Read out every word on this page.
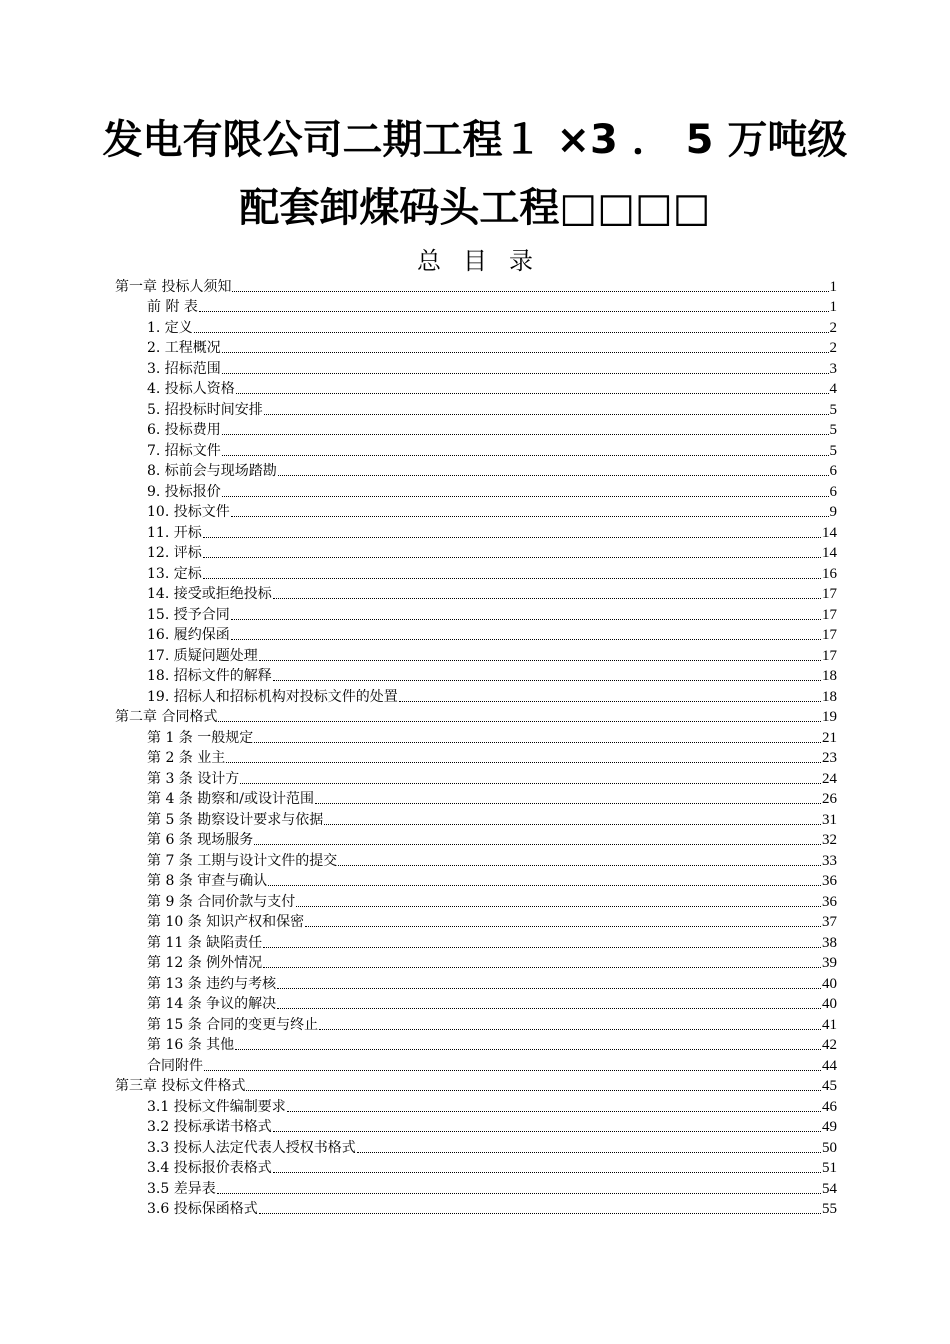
发电有限公司二期工程１ ×3 ． 5 万吨级
配套卸煤码头工程□□□□
总目录
第一章 投标人须知	1
前 附 表	1
1. 定义	2
2. 工程概况	2
3. 招标范围	3
4. 投标人资格	4
5. 招投标时间安排	5
6. 投标费用	5
7. 招标文件	5
8. 标前会与现场踏勘	6
9. 投标报价	6
10. 投标文件	9
11. 开标	14
12. 评标	14
13. 定标	16
14. 接受或拒绝投标	17
15. 授予合同	17
16. 履约保函	17
17. 质疑问题处理	17
18. 招标文件的解释	18
19. 招标人和招标机构对投标文件的处置	18
第二章 合同格式	19
第 1 条 一般规定	21
第 2 条 业主	23
第 3 条 设计方	24
第 4 条 勘察和/或设计范围	26
第 5 条 勘察设计要求与依据	31
第 6 条 现场服务	32
第 7 条 工期与设计文件的提交	33
第 8 条 审查与确认	36
第 9 条 合同价款与支付	36
第 10 条 知识产权和保密	37
第 11 条 缺陷责任	38
第 12 条 例外情况	39
第 13 条 违约与考核	40
第 14 条 争议的解决	40
第 15 条 合同的变更与终止	41
第 16 条 其他	42
合同附件	44
第三章 投标文件格式	45
3.1 投标文件编制要求	46
3.2 投标承诺书格式	49
3.3 投标人法定代表人授权书格式	50
3.4 投标报价表格式	51
3.5 差异表	54
3.6 投标保函格式	55
